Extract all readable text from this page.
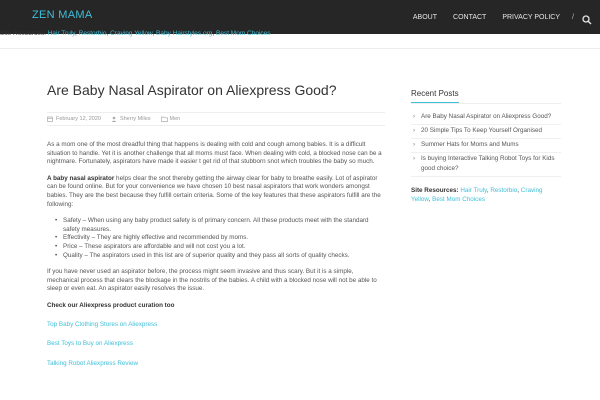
ZEN MAMA	ABOUT CONTACT PRIVACY POLICY /
Site Resources: Hair Truly, Restorbio, Craving Yellow, Baby Hairstyles.org, Best Mom Choices
Are Baby Nasal Aspirator on Aliexpress Good?
February 12, 2020	Sherry Miles	Men

As a mom one of the most dreadful thing that happens is dealing with cold and cough among babies. It is a difficult situation to handle. Yet it is another challenge that all moms must face. When dealing with cold, a blocked nose can be a nightmare. Fortunately, aspirators have made it easier t get rid of that stubborn snot which troubles the baby so much.

A baby nasal aspirator helps clear the snot thereby getting the airway clear for baby to breathe easily. Lot of aspirator can be found online. But for your convenience we have chosen 10 best nasal aspirators that work wonders amongst babies. They are the best because they fulfill certain criteria. Some of the key features that these aspirators fulfill are the following:

• Safety – When using any baby product safety is of primary concern. All these products meet with the standard safety measures.
• Effectivity – They are highly effective and recommended by moms.
• Price – These aspirators are affordable and will not cost you a lot.
• Quality – The aspirators used in this list are of superior quality and they pass all sorts of quality checks.

If you have never used an aspirator before, the process might seem invasive and thus scary. But it is a simple, mechanical process that clears the blockage in the nostrils of the babies. A child with a blocked nose will not be able to sleep or even eat. An aspirator easily resolves the issue.

Check our Aliexpress product curation too

Top Baby Clothing Stores on Aliexpress
Best Toys to Buy on Aliexpress
Talking Robot Aliexpress Review
Recent Posts
› Are Baby Nasal Aspirator on Aliexpress Good?
› 20 Simple Tips To Keep Yourself Organised
› Summer Hats for Moms and Mums
› Is buying Interactive Talking Robot Toys for Kids good choice?
Site Resources: Hair Truly, Restorbio, Craving Yellow, Best Mom Choices
